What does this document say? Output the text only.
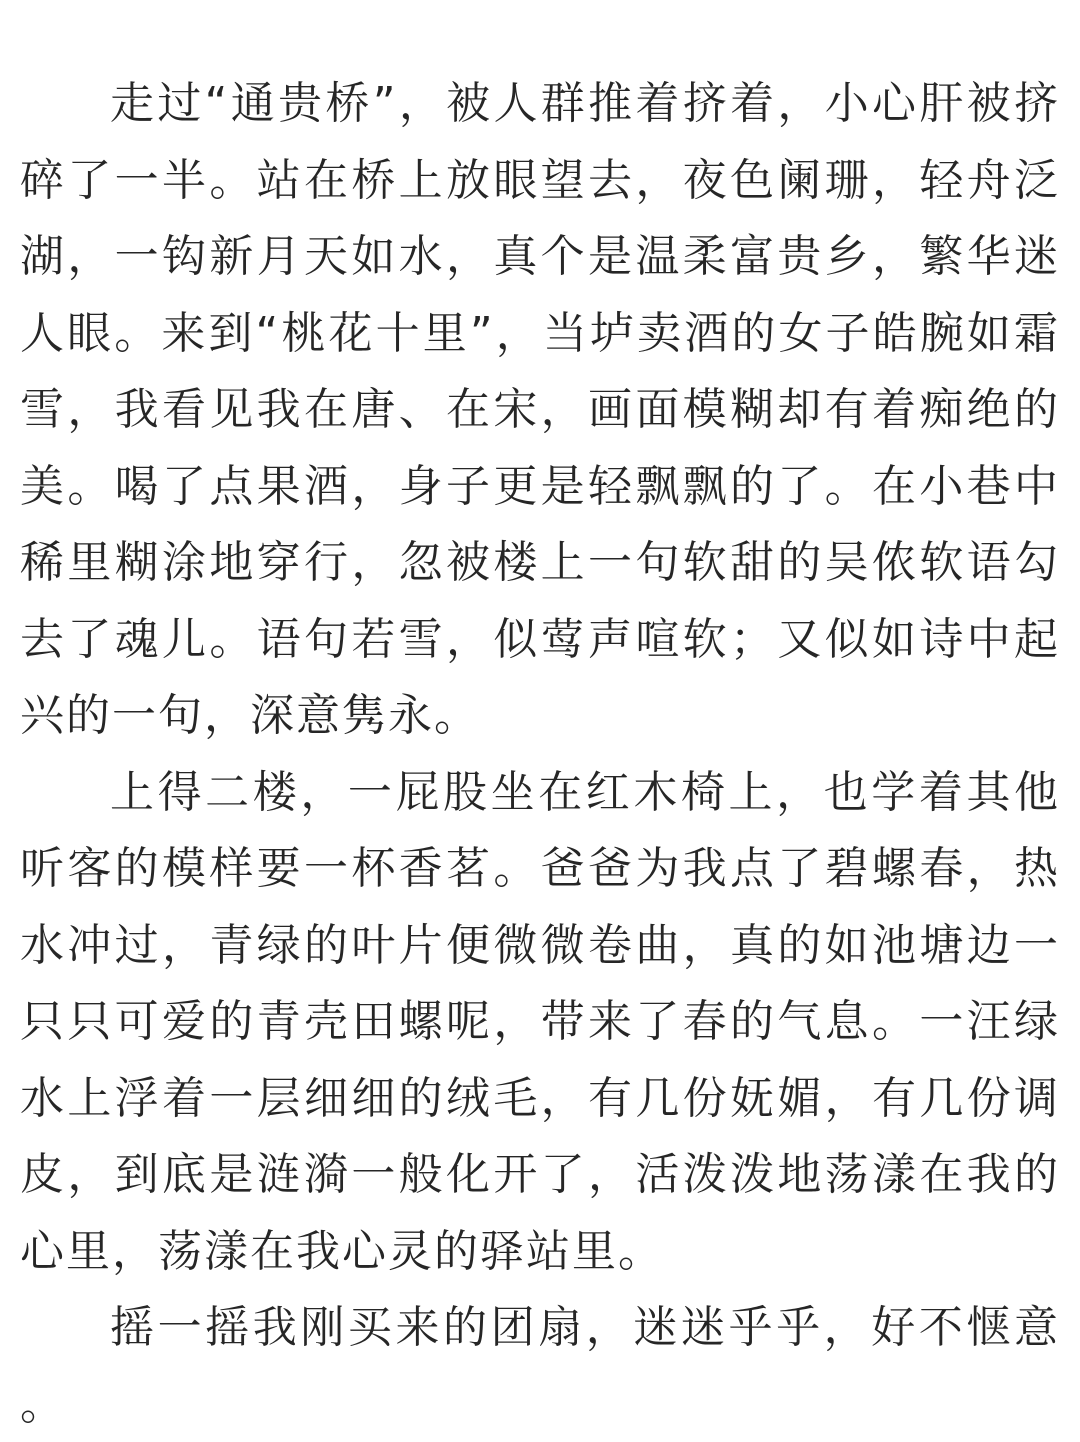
走过“通贵桥”，被人群推着挤着，小心肝被挤
碎了一半。站在桥上放眼望去，夜色阑珊，轻舟泛
湖，一钩新月天如水，真个是温柔富贵乡，繁华迷
人眼。来到“桃花十里”，当垆卖酒的女子皓腕如霜
雪，我看见我在唐、在宋，画面模糊却有着痴绝的
美。喝了点果酒，身子更是轻飘飘的了。在小巷中
稀里糊涂地穿行，忽被楼上一句软甜的吴侬软语勾
去了魂儿。语句若雪，似莺声喧软；又似如诗中起
兴的一句，深意隽永。
上得二楼，一屁股坐在红木椅上，也学着其他
听客的模样要一杯香茗。爸爸为我点了碧螺春，热
水冲过，青绿的叶片便微微卷曲，真的如池塘边一
只只可爱的青壳田螺呢，带来了春的气息。一汪绿
水上浮着一层细细的绒毛，有几份妩媚，有几份调
皮，到底是涟漪一般化开了，活泼泼地荡漾在我的
心里，荡漾在我心灵的驿站里。
摇一摇我刚买来的团扇，迷迷乎乎，好不惬意
。
